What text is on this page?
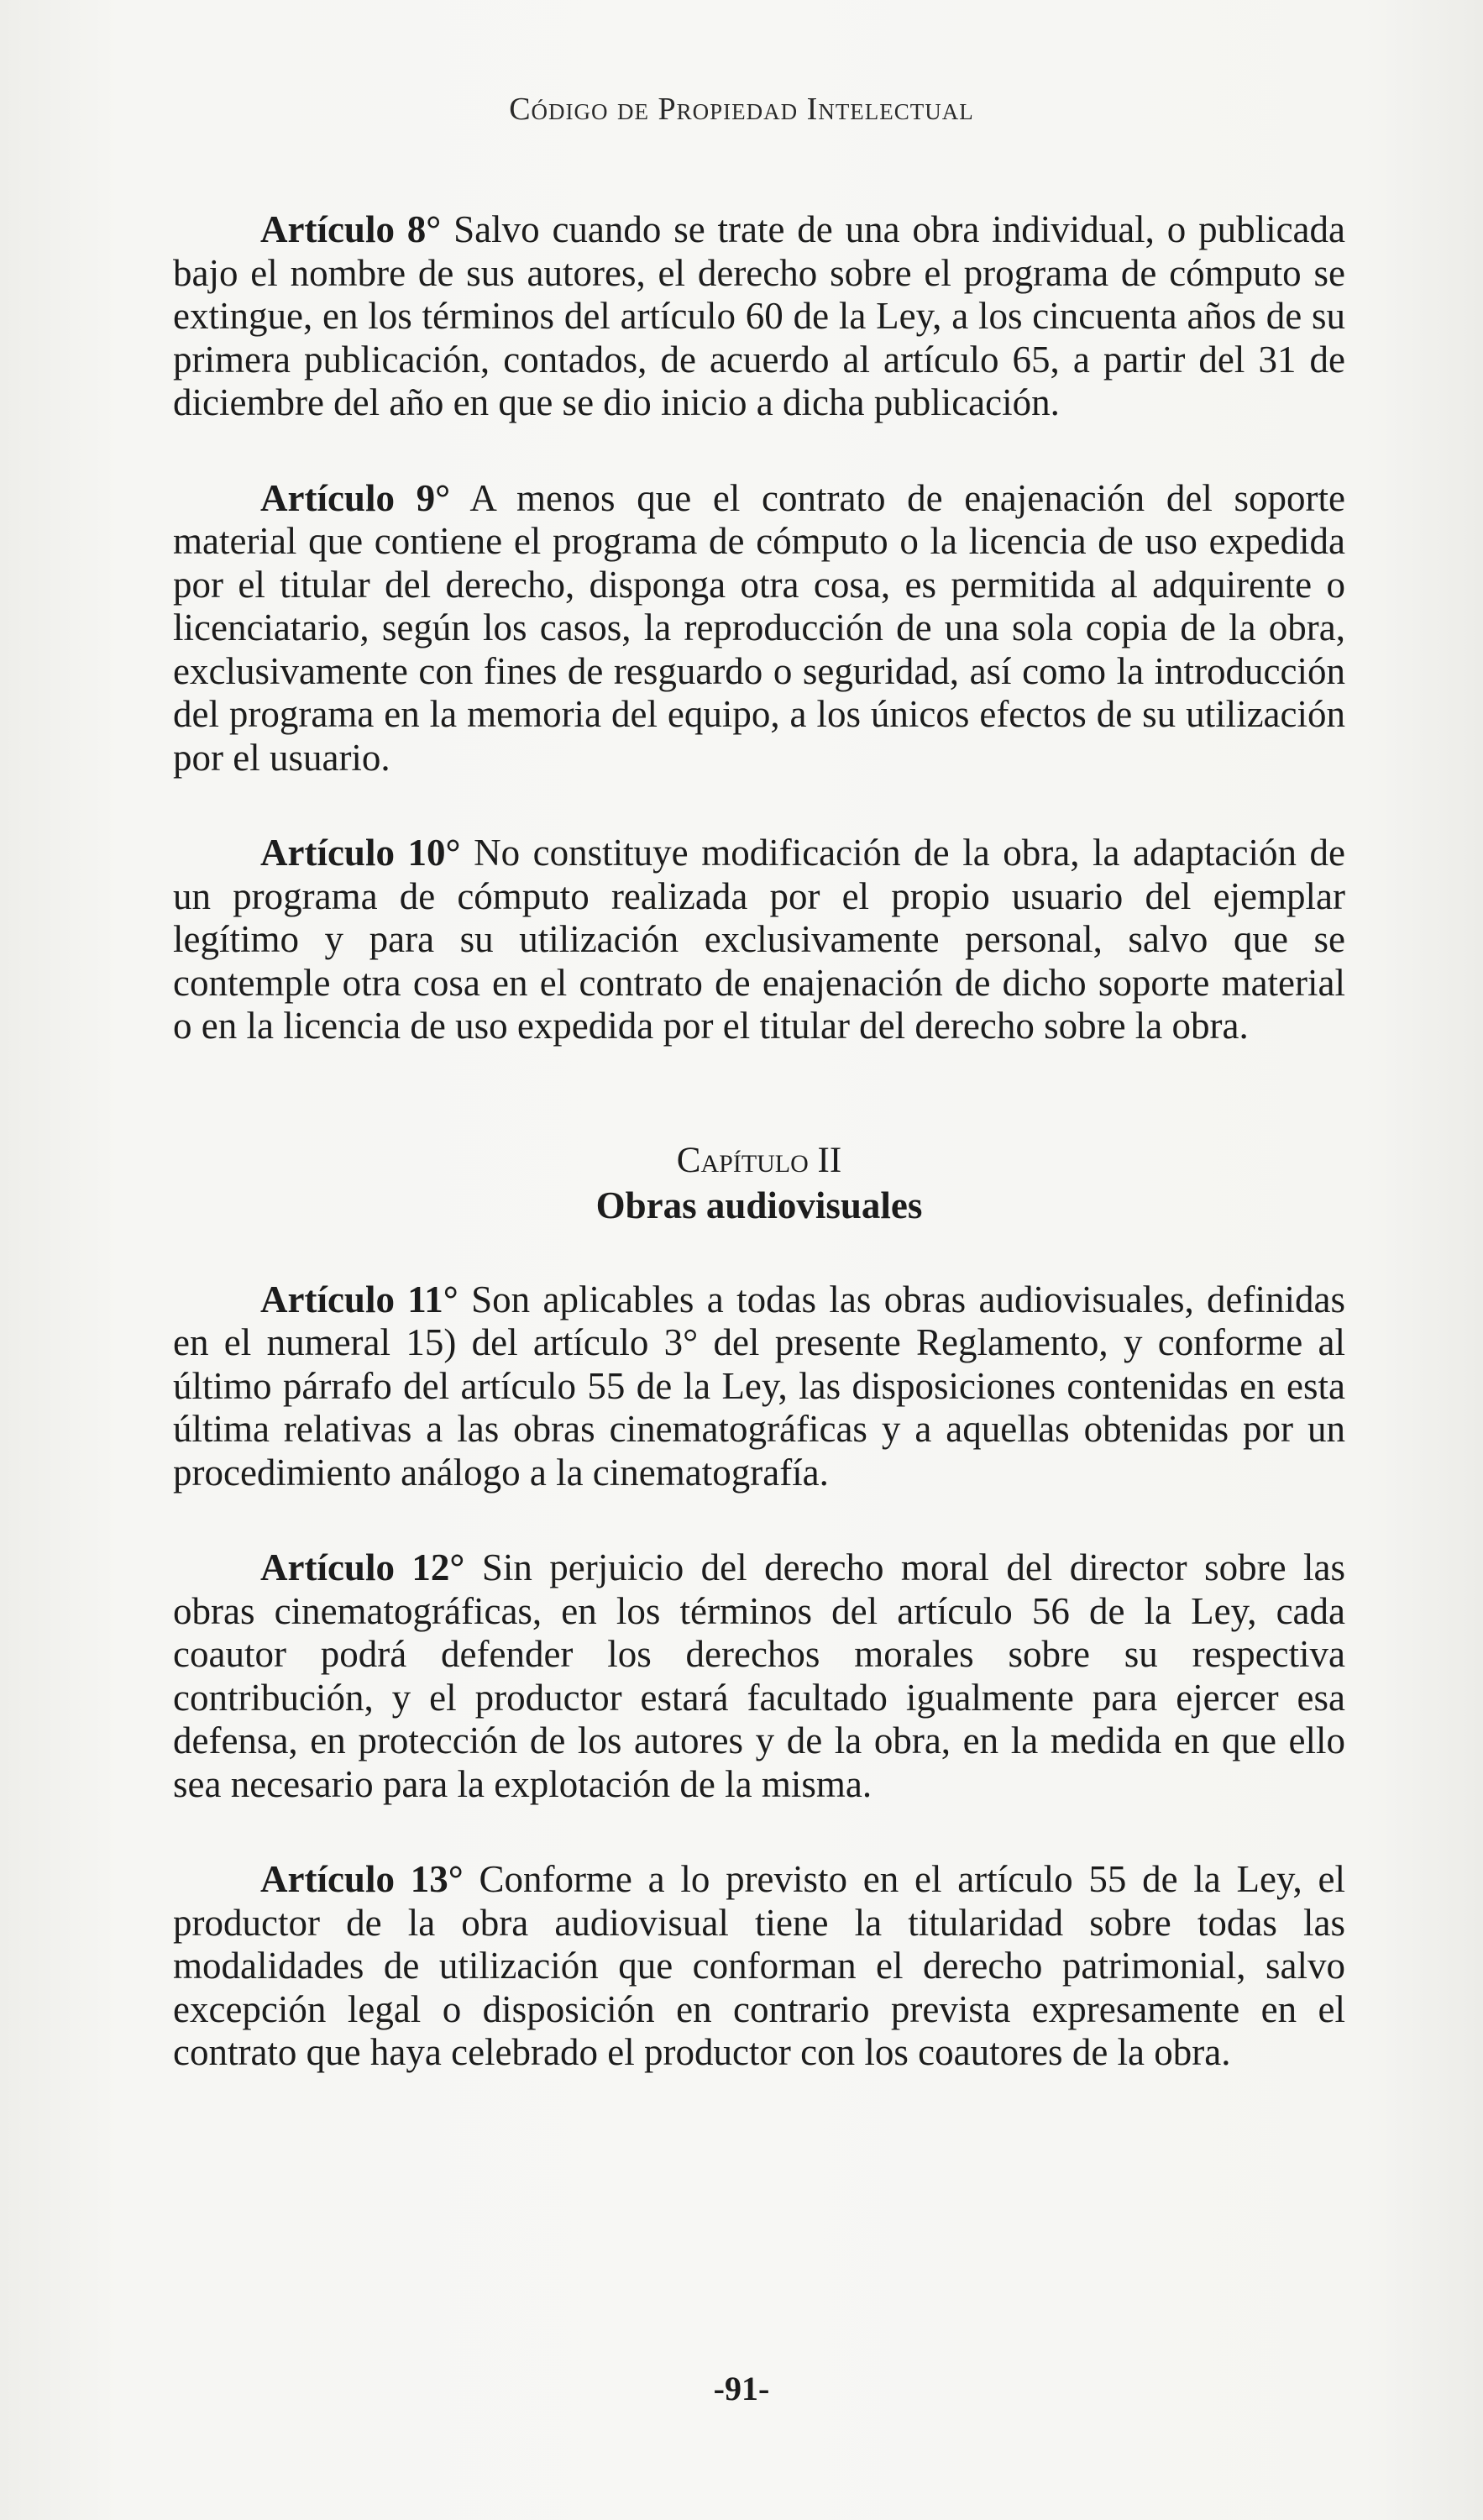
Código de Propiedad Intelectual

Artículo 8° Salvo cuando se trate de una obra individual, o publicada bajo el nombre de sus autores, el derecho sobre el programa de cómputo se extingue, en los términos del artículo 60 de la Ley, a los cincuenta años de su primera publicación, contados, de acuerdo al artículo 65, a partir del 31 de diciembre del año en que se dio inicio a dicha publicación.

Artículo 9° A menos que el contrato de enajenación del soporte material que contiene el programa de cómputo o la licencia de uso expedida por el titular del derecho, disponga otra cosa, es permitida al adquirente o licenciatario, según los casos, la reproducción de una sola copia de la obra, exclusivamente con fines de resguardo o seguridad, así como la introducción del programa en la memoria del equipo, a los únicos efectos de su utilización por el usuario.

Artículo 10° No constituye modificación de la obra, la adaptación de un programa de cómputo realizada por el propio usuario del ejemplar legítimo y para su utilización exclusivamente personal, salvo que se contemple otra cosa en el contrato de enajenación de dicho soporte material o en la licencia de uso expedida por el titular del derecho sobre la obra.

Capítulo II
Obras audiovisuales

Artículo 11° Son aplicables a todas las obras audiovisuales, definidas en el numeral 15) del artículo 3° del presente Reglamento, y conforme al último párrafo del artículo 55 de la Ley, las disposiciones contenidas en esta última relativas a las obras cinematográficas y a aquellas obtenidas por un procedimiento análogo a la cinematografía.

Artículo 12° Sin perjuicio del derecho moral del director sobre las obras cinematográficas, en los términos del artículo 56 de la Ley, cada coautor podrá defender los derechos morales sobre su respectiva contribución, y el productor estará facultado igualmente para ejercer esa defensa, en protección de los autores y de la obra, en la medida en que ello sea necesario para la explotación de la misma.

Artículo 13° Conforme a lo previsto en el artículo 55 de la Ley, el productor de la obra audiovisual tiene la titularidad sobre todas las modalidades de utilización que conforman el derecho patrimonial, salvo excepción legal o disposición en contrario prevista expresamente en el contrato que haya celebrado el productor con los coautores de la obra.

-91-
